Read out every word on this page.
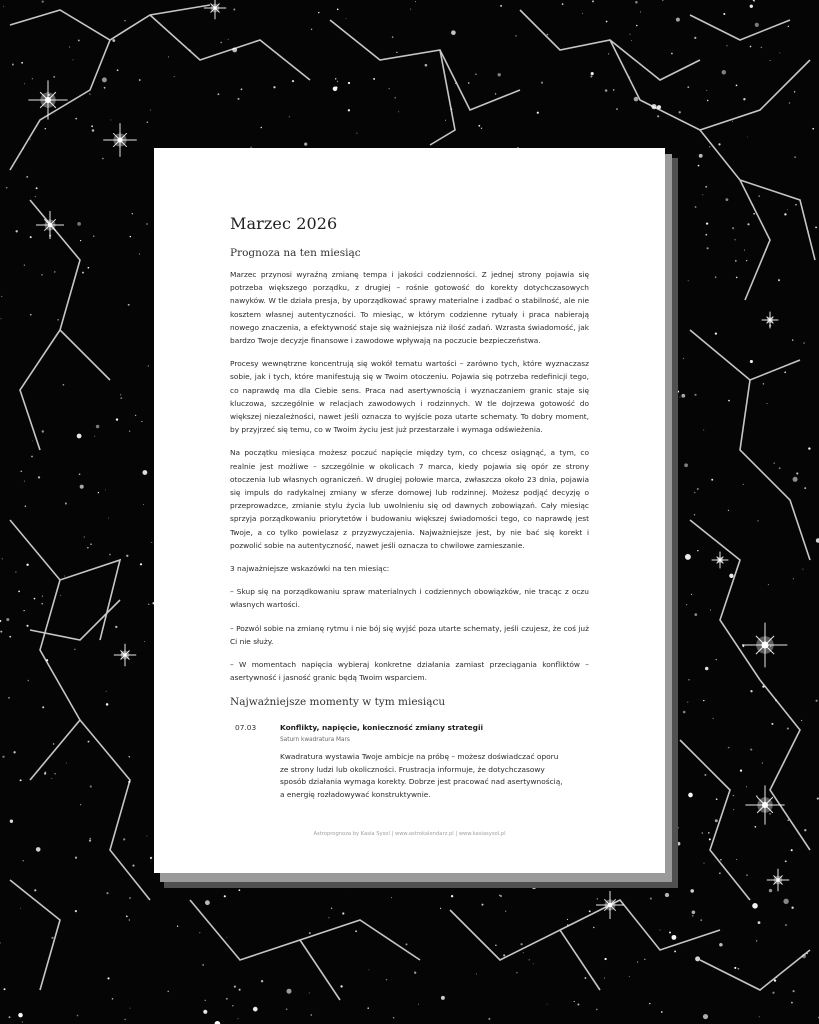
Marzec 2026
Prognoza na ten miesiąc

Marzec przynosi wyraźną zmianę tempa i jakości codzienności. Z jednej strony pojawia się potrzeba większego porządku, z drugiej – rośnie gotowość do korekty dotychczasowych nawyków. W tle działa presja, by uporządkować sprawy materialne i zadbać o stabilność, ale nie kosztem własnej autentyczności. To miesiąc, w którym codzienne rytuały i praca nabierają nowego znaczenia, a efektywność staje się ważniejsza niż ilość zadań. Wzrasta świadomość, jak bardzo Twoje decyzje finansowe i zawodowe wpływają na poczucie bezpieczeństwa.

Procesy wewnętrzne koncentrują się wokół tematu wartości – zarówno tych, które wyznaczasz sobie, jak i tych, które manifestują się w Twoim otoczeniu. Pojawia się potrzeba redefinicji tego, co naprawdę ma dla Ciebie sens. Praca nad asertywnością i wyznaczaniem granic staje się kluczowa, szczególnie w relacjach zawodowych i rodzinnych. W tle dojrzewa gotowość do większej niezależności, nawet jeśli oznacza to wyjście poza utarte schematy. To dobry moment, by przyjrzeć się temu, co w Twoim życiu jest już przestarzałe i wymaga odświeżenia.

Na początku miesiąca możesz poczuć napięcie między tym, co chcesz osiągnąć, a tym, co realnie jest możliwe – szczególnie w okolicach 7 marca, kiedy pojawia się opór ze strony otoczenia lub własnych ograniczeń. W drugiej połowie marca, zwłaszcza około 23 dnia, pojawia się impuls do radykalnej zmiany w sferze domowej lub rodzinnej. Możesz podjąć decyzję o przeprowadzce, zmianie stylu życia lub uwolnieniu się od dawnych zobowiązań. Cały miesiąc sprzyja porządkowaniu priorytetów i budowaniu większej świadomości tego, co naprawdę jest Twoje, a co tylko powielasz z przyzwyczajenia. Najważniejsze jest, by nie bać się korekt i pozwolić sobie na autentyczność, nawet jeśli oznacza to chwilowe zamieszanie.

3 najważniejsze wskazówki na ten miesiąc:

– Skup się na porządkowaniu spraw materialnych i codziennych obowiązków, nie tracąc z oczu własnych wartości.

– Pozwól sobie na zmianę rytmu i nie bój się wyjść poza utarte schematy, jeśli czujesz, że coś już Ci nie służy.

– W momentach napięcia wybieraj konkretne działania zamiast przeciągania konfliktów – asertywność i jasność granic będą Twoim wsparciem.

Najważniejsze momenty w tym miesiącu
07.03	Konflikty, napięcie, konieczność zmiany strategii
Saturn kwadratura Mars
Kwadratura wystawia Twoje ambicje na próbę – możesz doświadczać oporu ze strony ludzi lub okoliczności. Frustracja informuje, że dotychczasowy sposób działania wymaga korekty. Dobrze jest pracować nad asertywnością, a energię rozładowywać konstruktywnie.
Astroprognoza by Kasia Sysol | www.astrokalendarz.pl | www.kasiasysol.pl
